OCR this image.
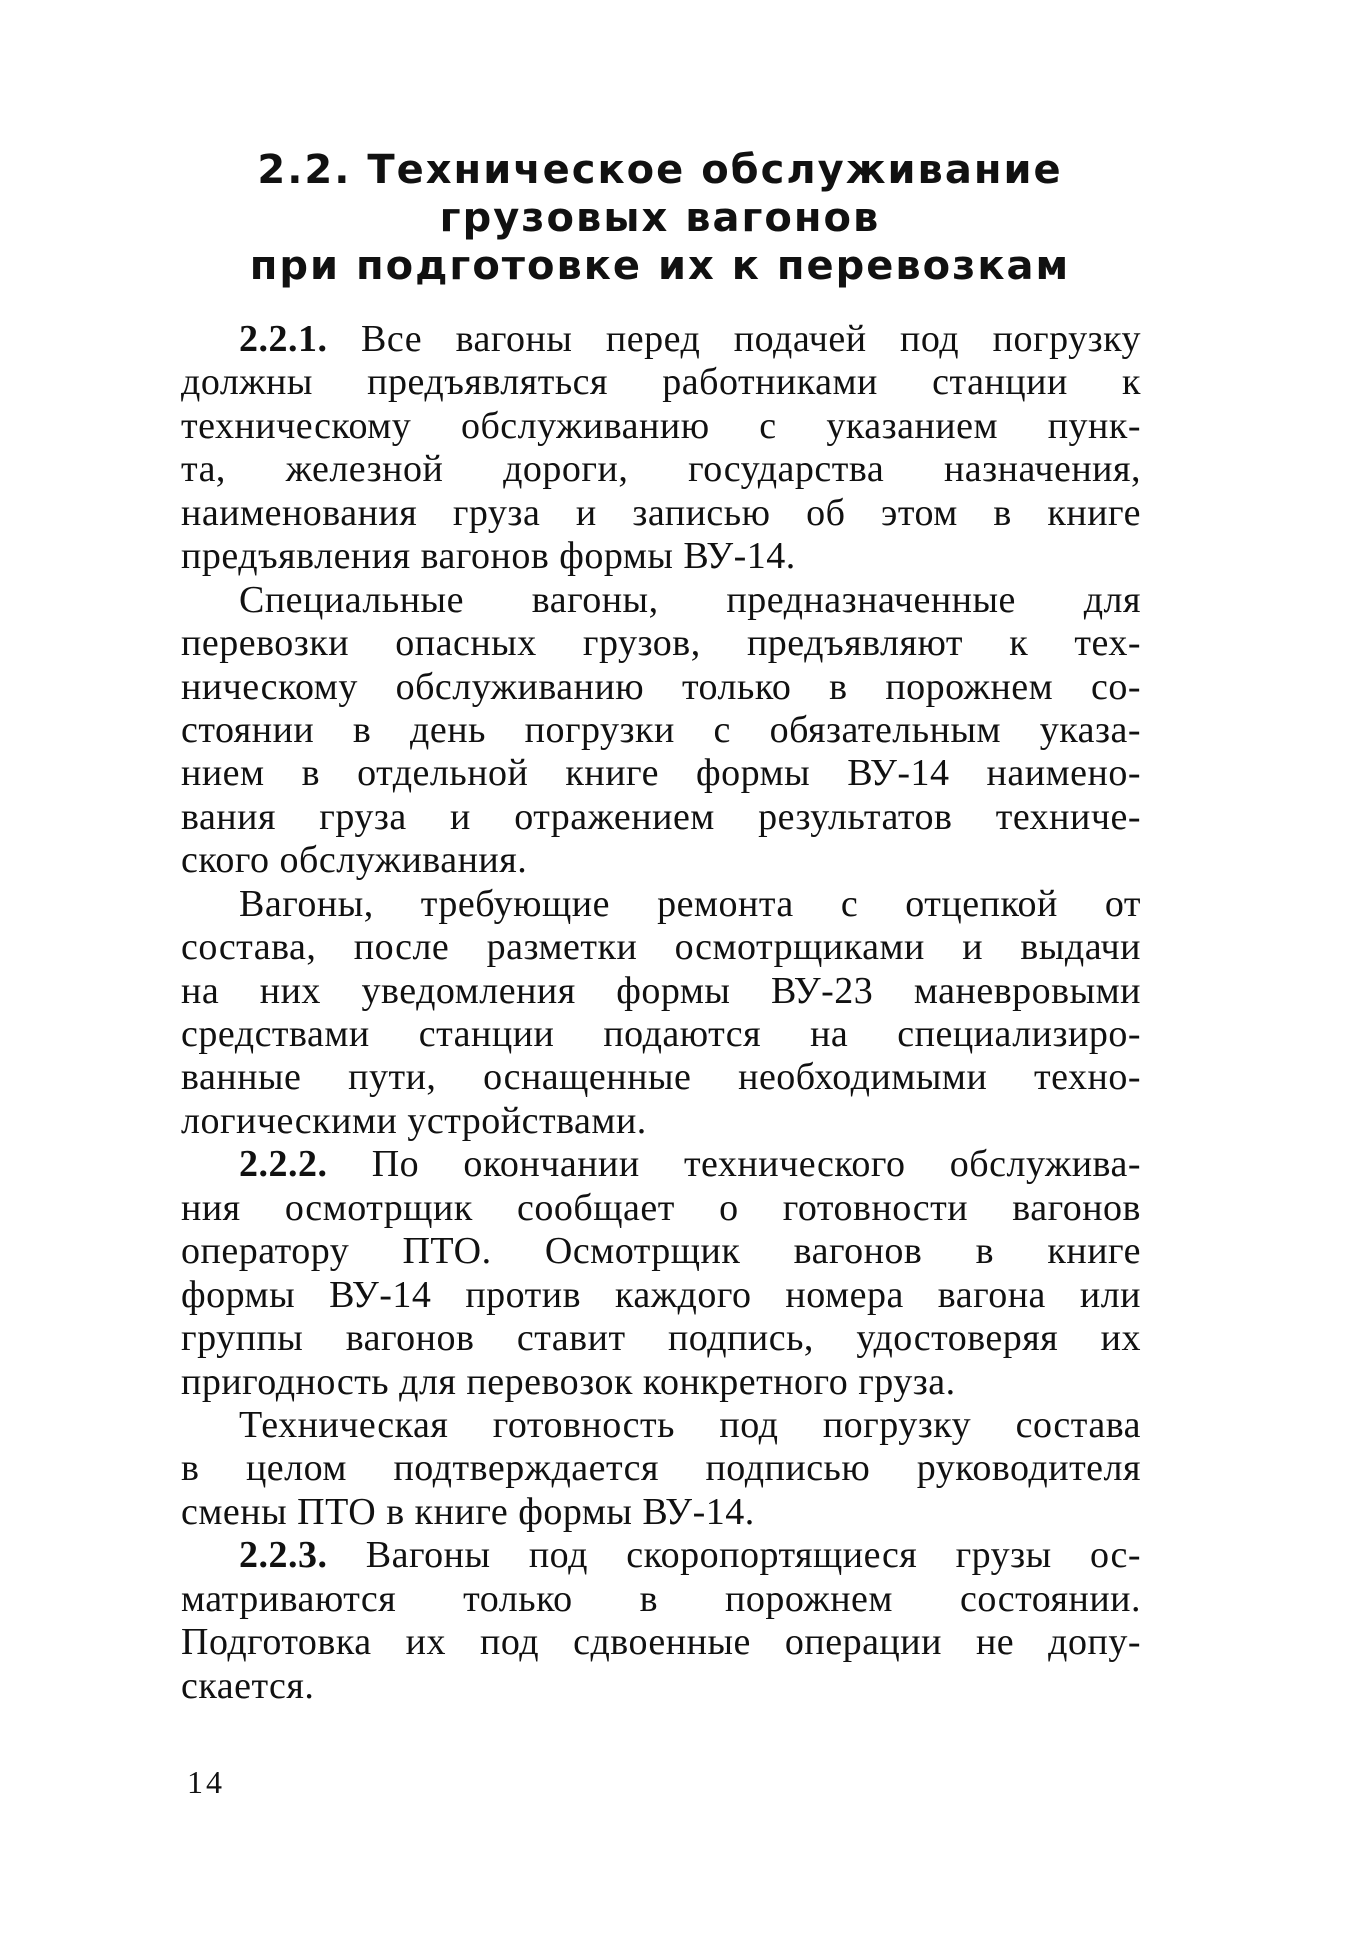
2.2. Техническое обслуживание
грузовых вагонов
при подготовке их к перевозкам
2.2.1. Все вагоны перед подачей под погрузку
должны предъявляться работниками станции к
техническому обслуживанию с указанием пунк-
та, железной дороги, государства назначения,
наименования груза и записью об этом в книге
предъявления вагонов формы ВУ-14.
Специальные вагоны, предназначенные для
перевозки опасных грузов, предъявляют к тех-
ническому обслуживанию только в порожнем со-
стоянии в день погрузки с обязательным указа-
нием в отдельной книге формы ВУ-14 наимено-
вания груза и отражением результатов техниче-
ского обслуживания.
Вагоны, требующие ремонта с отцепкой от
состава, после разметки осмотрщиками и выдачи
на них уведомления формы ВУ-23 маневровыми
средствами станции подаются на специализиро-
ванные пути, оснащенные необходимыми техно-
логическими устройствами.
2.2.2. По окончании технического обслужива-
ния осмотрщик сообщает о готовности вагонов
оператору ПТО. Осмотрщик вагонов в книге
формы ВУ-14 против каждого номера вагона или
группы вагонов ставит подпись, удостоверяя их
пригодность для перевозок конкретного груза.
Техническая готовность под погрузку состава
в целом подтверждается подписью руководителя
смены ПТО в книге формы ВУ-14.
2.2.3. Вагоны под скоропортящиеся грузы ос-
матриваются только в порожнем состоянии.
Подготовка их под сдвоенные операции не допу-
скается.
14
